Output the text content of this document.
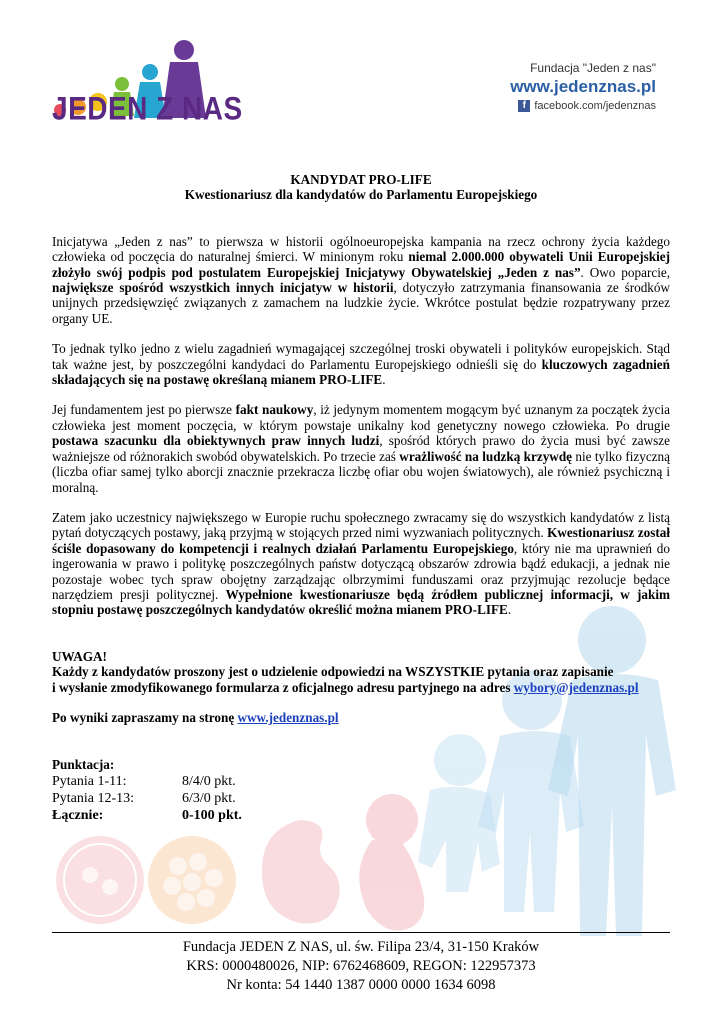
JEDEN Z NAS
Fundacja "Jeden z nas"
www.jedenznas.pl
f facebook.com/jedenznas

KANDYDAT PRO-LIFE

Kwestionariusz dla kandydatów do Parlamentu Europejskiego

Inicjatywa „Jeden z nas” to pierwsza w historii ogólnoeuropejska kampania na rzecz ochrony życia każdego człowieka od poczęcia do naturalnej śmierci. W minionym roku niemal 2.000.000 obywateli Unii Europejskiej złożyło swój podpis pod postulatem Europejskiej Inicjatywy Obywatelskiej „Jeden z nas”. Owo poparcie, największe spośród wszystkich innych inicjatyw w historii, dotyczyło zatrzymania finansowania ze środków unijnych przedsięwzięć związanych z zamachem na ludzkie życie. Wkrótce postulat będzie rozpatrywany przez organy UE.

To jednak tylko jedno z wielu zagadnień wymagającej szczególnej troski obywateli i polityków europejskich. Stąd tak ważne jest, by poszczególni kandydaci do Parlamentu Europejskiego odnieśli się do kluczowych zagadnień składających się na postawę określaną mianem PRO-LIFE.

Jej fundamentem jest po pierwsze fakt naukowy, iż jedynym momentem mogącym być uznanym za początek życia człowieka jest moment poczęcia, w którym powstaje unikalny kod genetyczny nowego człowieka. Po drugie postawa szacunku dla obiektywnych praw innych ludzi, spośród których prawo do życia musi być zawsze ważniejsze od różnorakich swobód obywatelskich. Po trzecie zaś wrażliwość na ludzką krzywdę nie tylko fizyczną (liczba ofiar samej tylko aborcji znacznie przekracza liczbę ofiar obu wojen światowych), ale również psychiczną i moralną.

Zatem jako uczestnicy największego w Europie ruchu społecznego zwracamy się do wszystkich kandydatów z listą pytań dotyczących postawy, jaką przyjmą w stojących przed nimi wyzwaniach politycznych. Kwestionariusz został ściśle dopasowany do kompetencji i realnych działań Parlamentu Europejskiego, który nie ma uprawnień do ingerowania w prawo i politykę poszczególnych państw dotyczącą obszarów zdrowia bądź edukacji, a jednak nie pozostaje wobec tych spraw obojętny zarządzając olbrzymimi funduszami oraz przyjmując rezolucje będące narzędziem presji politycznej. Wypełnione kwestionariusze będą źródłem publicznej informacji, w jakim stopniu postawę poszczególnych kandydatów określić można mianem PRO-LIFE.

UWAGA!
Każdy z kandydatów proszony jest o udzielenie odpowiedzi na WSZYSTKIE pytania oraz zapisanie
i wysłanie zmodyfikowanego formularza z oficjalnego adresu partyjnego na adres wybory@jedenznas.pl
Po wyniki zapraszamy na stronę www.jedenznas.pl
Punktacja:
Pytania 1-11:	8/4/0 pkt.
Pytania 12-13:	6/3/0 pkt.
Łącznie:	0-100 pkt.
Fundacja JEDEN Z NAS, ul. św. Filipa 23/4, 31-150 Kraków
KRS: 0000480026, NIP: 6762468609, REGON: 122957373
Nr konta: 54 1440 1387 0000 0000 1634 6098
